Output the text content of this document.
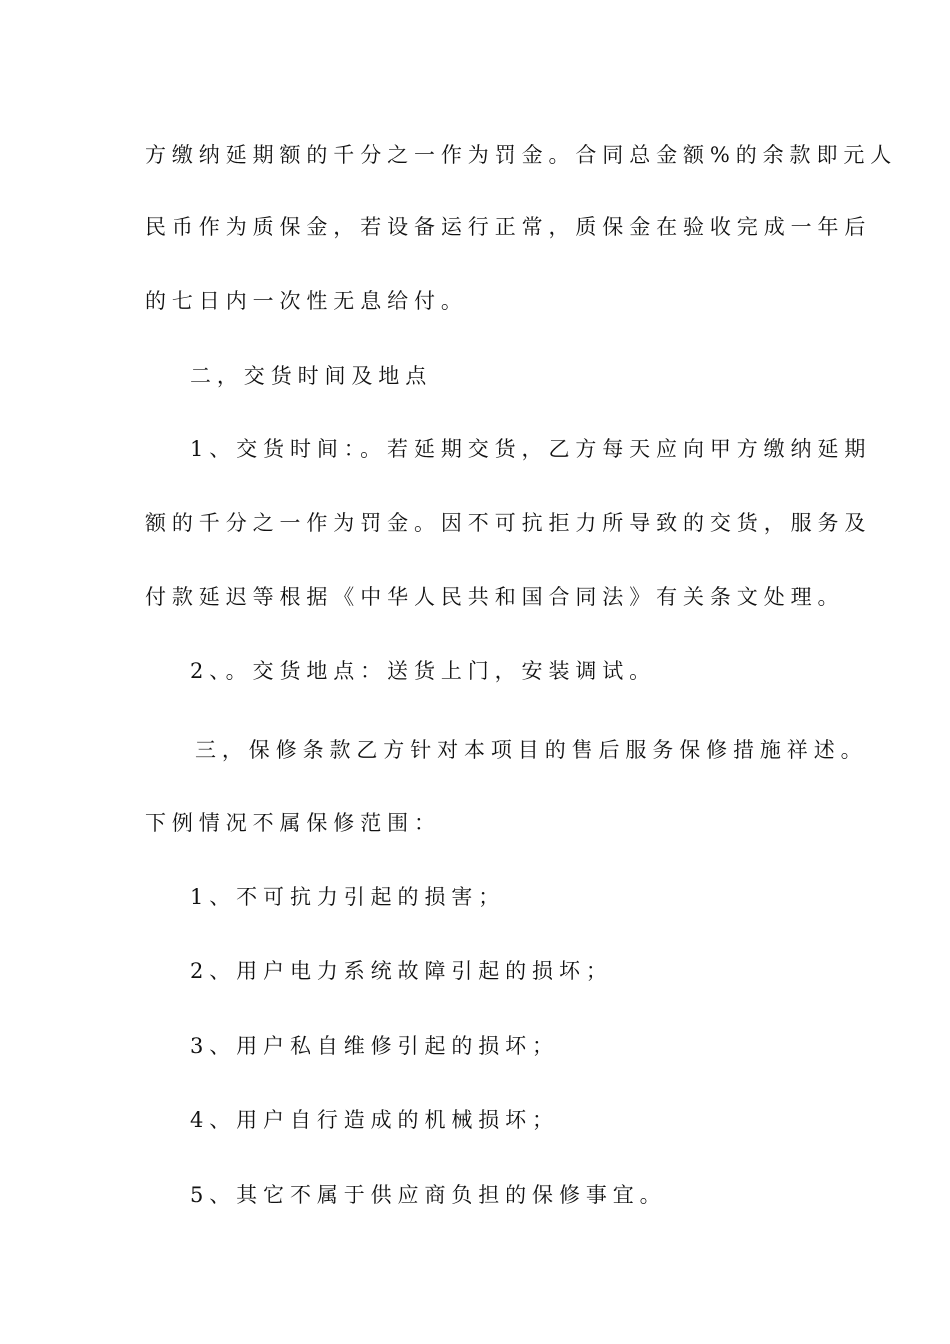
方缴纳延期额的千分之一作为罚金。合同总金额%的余款即元人
民币作为质保金，若设备运行正常，质保金在验收完成一年后
的七日内一次性无息给付。
二，交货时间及地点
1、交货时间：。若延期交货，乙方每天应向甲方缴纳延期
额的千分之一作为罚金。因不可抗拒力所导致的交货，服务及
付款延迟等根据《中华人民共和国合同法》有关条文处理。
2、。交货地点：送货上门，安装调试。
三，保修条款乙方针对本项目的售后服务保修措施祥述。
下例情况不属保修范围：
1、不可抗力引起的损害；
2、用户电力系统故障引起的损坏；
3、用户私自维修引起的损坏；
4、用户自行造成的机械损坏；
5、其它不属于供应商负担的保修事宜。
